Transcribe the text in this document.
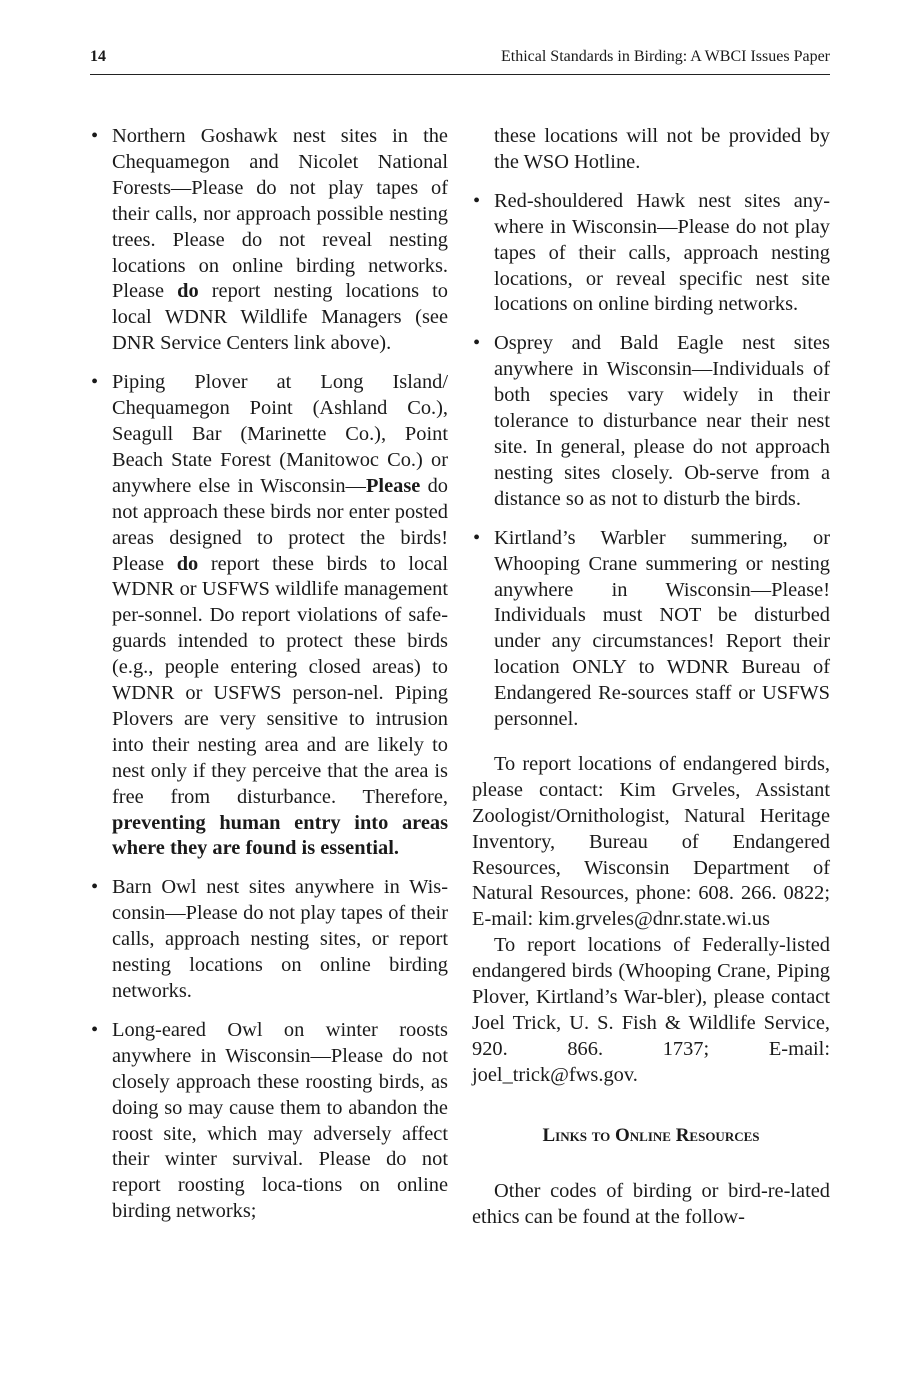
14	Ethical Standards in Birding: A WBCI Issues Paper
• Northern Goshawk nest sites in the Chequamegon and Nicolet National Forests—Please do not play tapes of their calls, nor approach possible nesting trees. Please do not reveal nesting locations on online birding networks. Please do report nesting locations to local WDNR Wildlife Managers (see DNR Service Centers link above).
• Piping Plover at Long Island/ Chequamegon Point (Ashland Co.), Seagull Bar (Marinette Co.), Point Beach State Forest (Manitowoc Co.) or anywhere else in Wisconsin—Please do not approach these birds nor enter posted areas designed to protect the birds! Please do report these birds to local WDNR or USFWS wildlife management per-sonnel. Do report violations of safe-guards intended to protect these birds (e.g., people entering closed areas) to WDNR or USFWS person-nel. Piping Plovers are very sensitive to intrusion into their nesting area and are likely to nest only if they perceive that the area is free from disturbance. Therefore, preventing human entry into areas where they are found is essential.
• Barn Owl nest sites anywhere in Wis-consin—Please do not play tapes of their calls, approach nesting sites, or report nesting locations on online birding networks.
• Long-eared Owl on winter roosts anywhere in Wisconsin—Please do not closely approach these roosting birds, as doing so may cause them to abandon the roost site, which may adversely affect their winter survival. Please do not report roosting loca-tions on online birding networks;

these locations will not be provided by the WSO Hotline.

• Red-shouldered Hawk nest sites any-where in Wisconsin—Please do not play tapes of their calls, approach nesting locations, or reveal specific nest site locations on online birding networks.
• Osprey and Bald Eagle nest sites anywhere in Wisconsin—Individuals of both species vary widely in their tolerance to disturbance near their nest site. In general, please do not approach nesting sites closely. Ob-serve from a distance so as not to disturb the birds.
• Kirtland’s Warbler summering, or Whooping Crane summering or nesting anywhere in Wisconsin—Please! Individuals must NOT be disturbed under any circumstances! Report their location ONLY to WDNR Bureau of Endangered Re-sources staff or USFWS personnel.

To report locations of endangered birds, please contact: Kim Grveles, Assistant Zoologist/Ornithologist, Natural Heritage Inventory, Bureau of Endangered Resources, Wisconsin Department of Natural Resources, phone: 608. 266. 0822; E-mail: kim.grveles@dnr.state.wi.us

To report locations of Federally-listed endangered birds (Whooping Crane, Piping Plover, Kirtland’s War-bler), please contact Joel Trick, U. S. Fish & Wildlife Service, 920. 866. 1737; E-mail: joel_trick@fws.gov.

Links to Online Resources

Other codes of birding or bird-re-lated ethics can be found at the follow-
